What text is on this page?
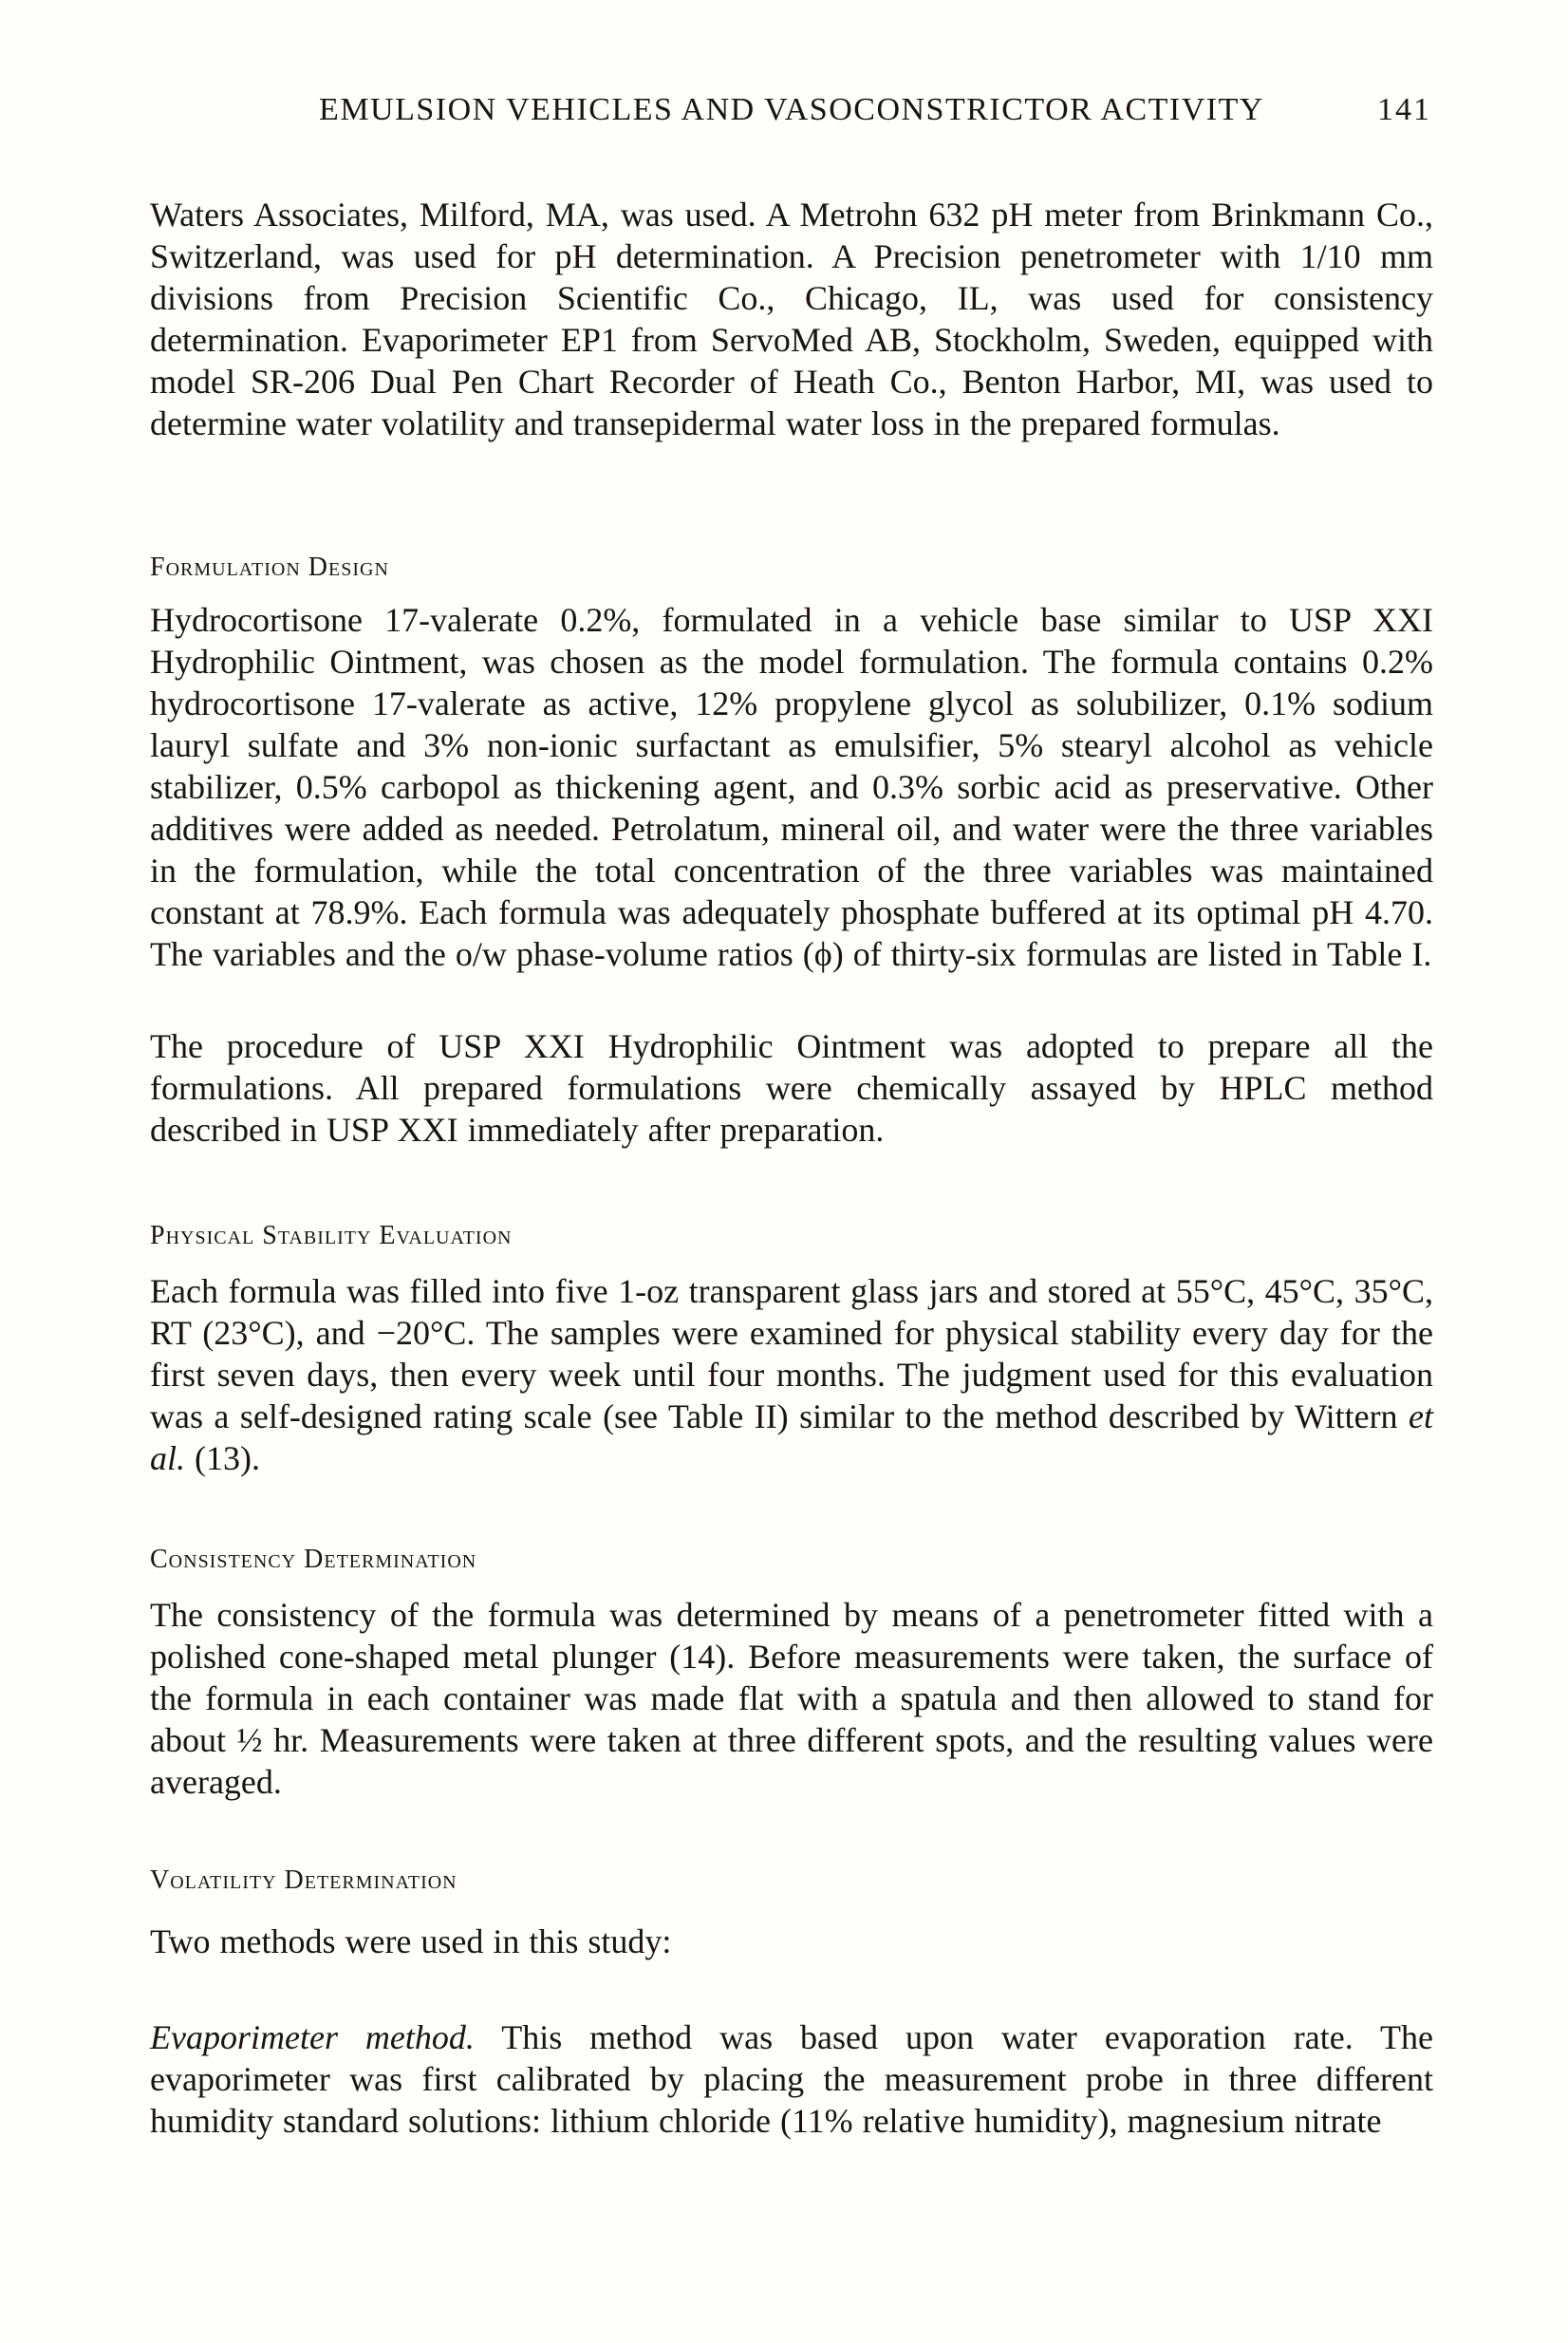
EMULSION VEHICLES AND VASOCONSTRICTOR ACTIVITY	141

Waters Associates, Milford, MA, was used. A Metrohn 632 pH meter from Brinkmann Co., Switzerland, was used for pH determination. A Precision penetrometer with 1/10 mm divisions from Precision Scientific Co., Chicago, IL, was used for consistency determination. Evaporimeter EP1 from ServoMed AB, Stockholm, Sweden, equipped with model SR-206 Dual Pen Chart Recorder of Heath Co., Benton Harbor, MI, was used to determine water volatility and transepidermal water loss in the prepared formulas.

Formulation Design

Hydrocortisone 17-valerate 0.2%, formulated in a vehicle base similar to USP XXI Hydrophilic Ointment, was chosen as the model formulation. The formula contains 0.2% hydrocortisone 17-valerate as active, 12% propylene glycol as solubilizer, 0.1% sodium lauryl sulfate and 3% non-ionic surfactant as emulsifier, 5% stearyl alcohol as vehicle stabilizer, 0.5% carbopol as thickening agent, and 0.3% sorbic acid as preservative. Other additives were added as needed. Petrolatum, mineral oil, and water were the three variables in the formulation, while the total concentration of the three variables was maintained constant at 78.9%. Each formula was adequately phosphate buffered at its optimal pH 4.70. The variables and the o/w phase-volume ratios (ϕ) of thirty-six formulas are listed in Table I.

The procedure of USP XXI Hydrophilic Ointment was adopted to prepare all the formulations. All prepared formulations were chemically assayed by HPLC method described in USP XXI immediately after preparation.

Physical Stability Evaluation

Each formula was filled into five 1-oz transparent glass jars and stored at 55°C, 45°C, 35°C, RT (23°C), and −20°C. The samples were examined for physical stability every day for the first seven days, then every week until four months. The judgment used for this evaluation was a self-designed rating scale (see Table II) similar to the method described by Wittern et al. (13).

Consistency Determination

The consistency of the formula was determined by means of a penetrometer fitted with a polished cone-shaped metal plunger (14). Before measurements were taken, the surface of the formula in each container was made flat with a spatula and then allowed to stand for about ½ hr. Measurements were taken at three different spots, and the resulting values were averaged.

Volatility Determination

Two methods were used in this study:

Evaporimeter method. This method was based upon water evaporation rate. The evaporimeter was first calibrated by placing the measurement probe in three different humidity standard solutions: lithium chloride (11% relative humidity), magnesium nitrate
